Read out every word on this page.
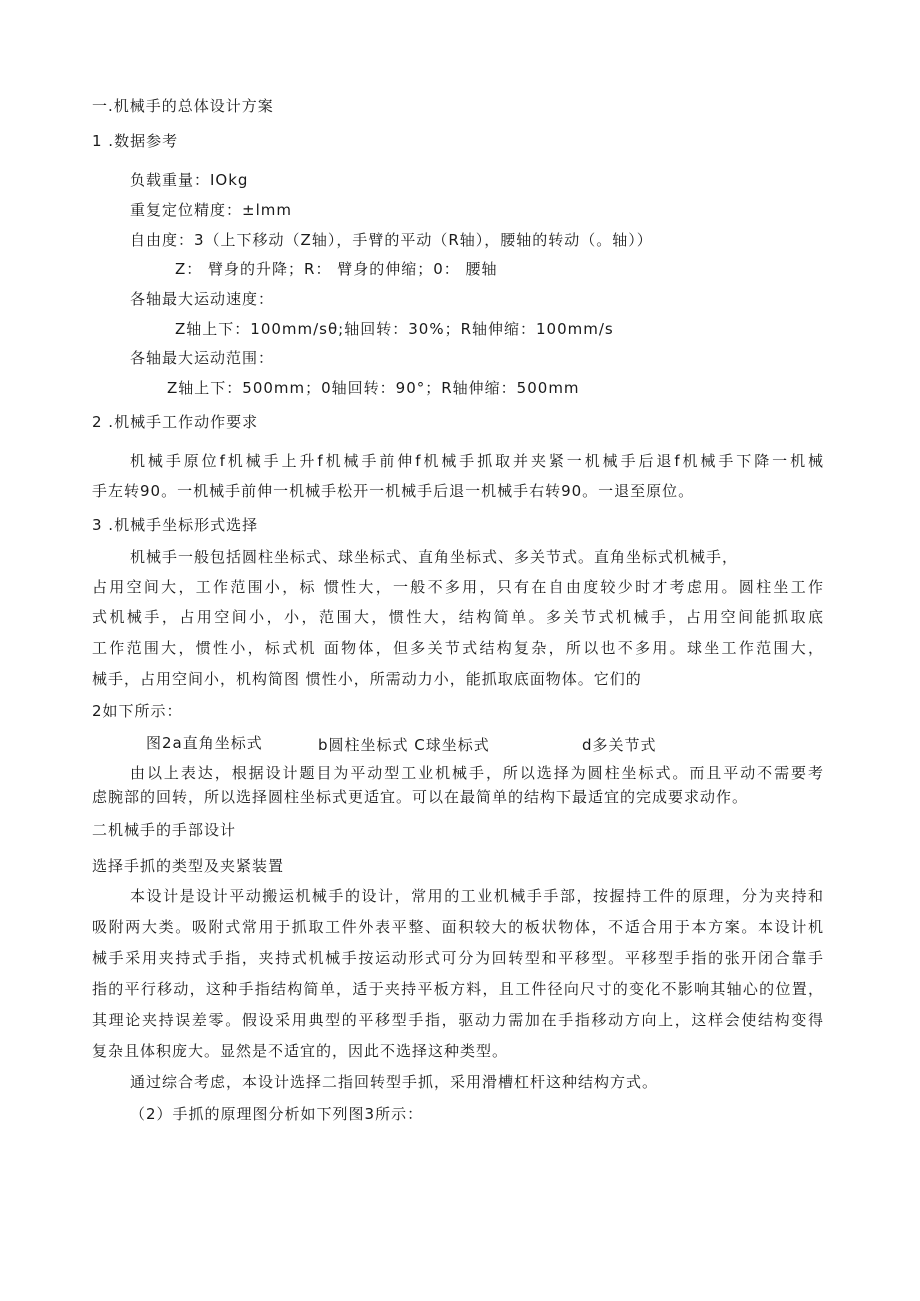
一.机械手的总体设计方案
1 .数据参考
负载重量：IOkg
重复定位精度：±lmm
自由度：3（上下移动（Z轴），手臂的平动（R轴），腰轴的转动（。轴））
Z： 臂身的升降；R： 臂身的伸缩；0： 腰轴
各轴最大运动速度：
Z轴上下：100mm∕sθ;轴回转：30%；R轴伸缩：100mm/s
各轴最大运动范围：
Z轴上下：500mm；0轴回转：90°；R轴伸缩：500mm
2 .机械手工作动作要求
机械手原位f机械手上升f机械手前伸f机械手抓取并夹紧一机械手后退f机械手下降一机械
手左转90。一机械手前伸一机械手松开一机械手后退一机械手右转90。一退至原位。
3 .机械手坐标形式选择
机械手一般包括圆柱坐标式、球坐标式、直角坐标式、多关节式。直角坐标式机械手，
占用空间大，工作范围小，标 惯性大，一般不多用，只有在自由度较少时才考虑用。圆柱坐工作
式机械手，占用空间小，小，范围大，惯性大，结构简单。多关节式机械手，占用空间能抓取底
工作范围大，惯性小，标式机 面物体，但多关节式结构复杂，所以也不多用。球坐工作范围大，
械手，占用空间小，机构简图 惯性小，所需动力小，能抓取底面物体。它们的
2如下所示：
图2a直角坐标式	b圆柱坐标式 C球坐标式	d多关节式
由以上表达，根据设计题目为平动型工业机械手，所以选择为圆柱坐标式。而且平动不需要考
虑腕部的回转，所以选择圆柱坐标式更适宜。可以在最简单的结构下最适宜的完成要求动作。
二机械手的手部设计
选择手抓的类型及夹紧装置
本设计是设计平动搬运机械手的设计，常用的工业机械手手部，按握持工件的原理，分为夹持和
吸附两大类。吸附式常用于抓取工件外表平整、面积较大的板状物体，不适合用于本方案。本设计机
械手采用夹持式手指，夹持式机械手按运动形式可分为回转型和平移型。平移型手指的张开闭合靠手
指的平行移动，这种手指结构简单，适于夹持平板方料，且工件径向尺寸的变化不影响其轴心的位置，
其理论夹持误差零。假设采用典型的平移型手指，驱动力需加在手指移动方向上，这样会使结构变得
复杂且体积庞大。显然是不适宜的，因此不选择这种类型。
通过综合考虑，本设计选择二指回转型手抓，采用滑槽杠杆这种结构方式。
（2）手抓的原理图分析如下列图3所示：
